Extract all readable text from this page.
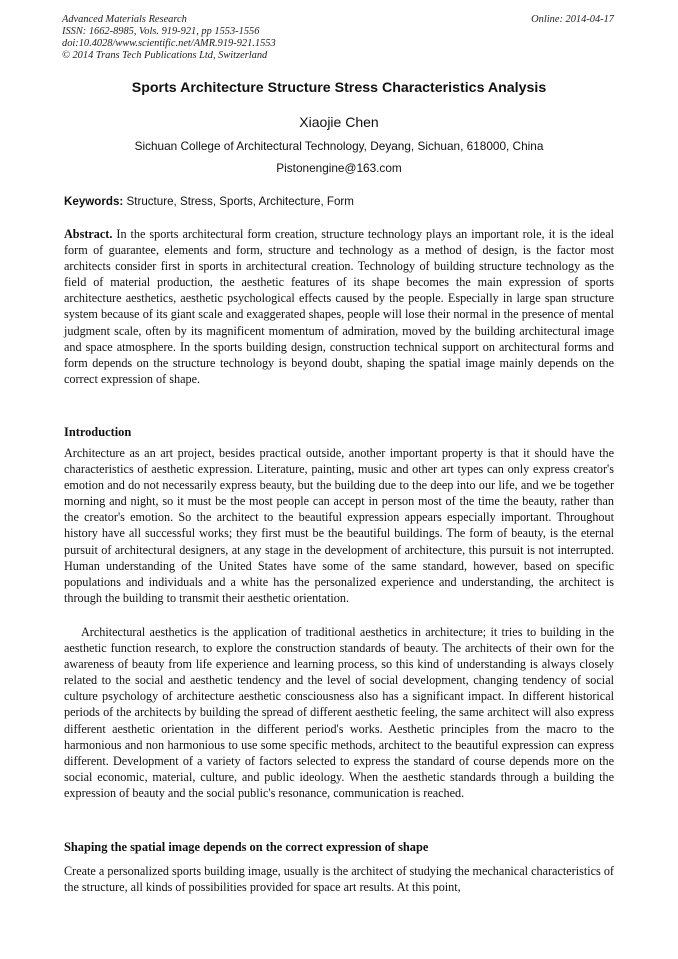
Advanced Materials Research
ISSN: 1662-8985, Vols. 919-921, pp 1553-1556
doi:10.4028/www.scientific.net/AMR.919-921.1553
© 2014 Trans Tech Publications Ltd, Switzerland
Online: 2014-04-17
Sports Architecture Structure Stress Characteristics Analysis
Xiaojie Chen
Sichuan College of Architectural Technology, Deyang, Sichuan, 618000, China
Pistonengine@163.com
Keywords: Structure, Stress, Sports, Architecture, Form
Abstract. In the sports architectural form creation, structure technology plays an important role, it is the ideal form of guarantee, elements and form, structure and technology as a method of design, is the factor most architects consider first in sports in architectural creation. Technology of building structure technology as the field of material production, the aesthetic features of its shape becomes the main expression of sports architecture aesthetics, aesthetic psychological effects caused by the people. Especially in large span structure system because of its giant scale and exaggerated shapes, people will lose their normal in the presence of mental judgment scale, often by its magnificent momentum of admiration, moved by the building architectural image and space atmosphere. In the sports building design, construction technical support on architectural forms and form depends on the structure technology is beyond doubt, shaping the spatial image mainly depends on the correct expression of shape.
Introduction
Architecture as an art project, besides practical outside, another important property is that it should have the characteristics of aesthetic expression. Literature, painting, music and other art types can only express creator's emotion and do not necessarily express beauty, but the building due to the deep into our life, and we be together morning and night, so it must be the most people can accept in person most of the time the beauty, rather than the creator's emotion. So the architect to the beautiful expression appears especially important. Throughout history have all successful works; they first must be the beautiful buildings. The form of beauty, is the eternal pursuit of architectural designers, at any stage in the development of architecture, this pursuit is not interrupted. Human understanding of the United States have some of the same standard, however, based on specific populations and individuals and a white has the personalized experience and understanding, the architect is through the building to transmit their aesthetic orientation.
Architectural aesthetics is the application of traditional aesthetics in architecture; it tries to building in the aesthetic function research, to explore the construction standards of beauty. The architects of their own for the awareness of beauty from life experience and learning process, so this kind of understanding is always closely related to the social and aesthetic tendency and the level of social development, changing tendency of social culture psychology of architecture aesthetic consciousness also has a significant impact. In different historical periods of the architects by building the spread of different aesthetic feeling, the same architect will also express different aesthetic orientation in the different period's works. Aesthetic principles from the macro to the harmonious and non harmonious to use some specific methods, architect to the beautiful expression can express different. Development of a variety of factors selected to express the standard of course depends more on the social economic, material, culture, and public ideology. When the aesthetic standards through a building the expression of beauty and the social public's resonance, communication is reached.
Shaping the spatial image depends on the correct expression of shape
Create a personalized sports building image, usually is the architect of studying the mechanical characteristics of the structure, all kinds of possibilities provided for space art results. At this point,
